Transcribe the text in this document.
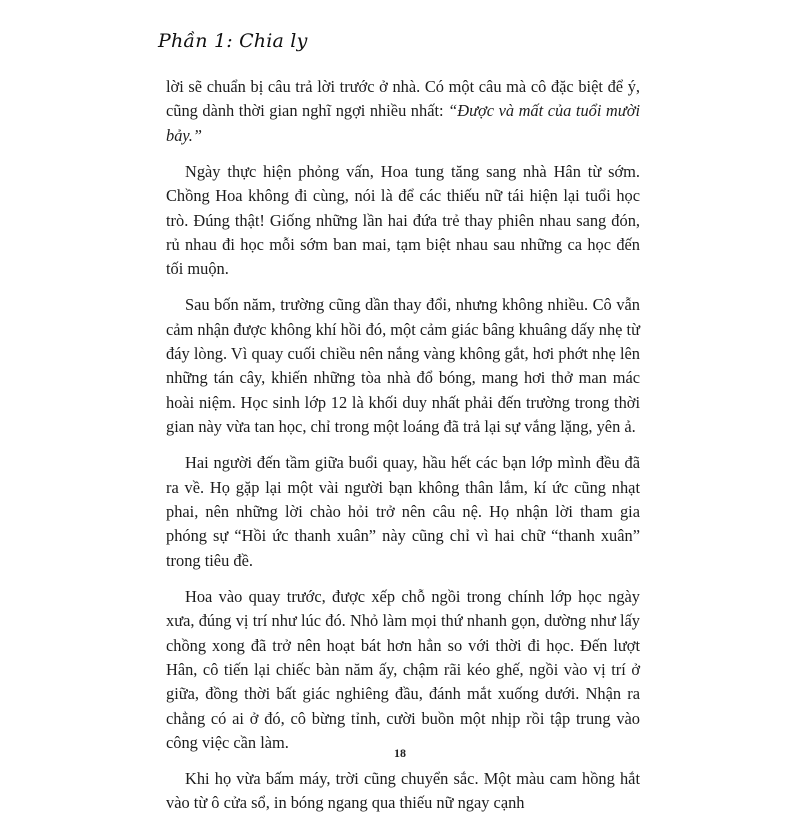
Phần 1: Chia ly

lời sẽ chuẩn bị câu trả lời trước ở nhà. Có một câu mà cô đặc biệt để ý, cũng dành thời gian nghĩ ngợi nhiều nhất: “Được và mất của tuổi mười bảy.”

Ngày thực hiện phỏng vấn, Hoa tung tăng sang nhà Hân từ sớm. Chồng Hoa không đi cùng, nói là để các thiếu nữ tái hiện lại tuổi học trò. Đúng thật! Giống những lần hai đứa trẻ thay phiên nhau sang đón, rủ nhau đi học mỗi sớm ban mai, tạm biệt nhau sau những ca học đến tối muộn.

Sau bốn năm, trường cũng dần thay đổi, nhưng không nhiều. Cô vẫn cảm nhận được không khí hồi đó, một cảm giác bâng khuâng dấy nhẹ từ đáy lòng. Vì quay cuối chiều nên nắng vàng không gắt, hơi phớt nhẹ lên những tán cây, khiến những tòa nhà đổ bóng, mang hơi thở man mác hoài niệm. Học sinh lớp 12 là khối duy nhất phải đến trường trong thời gian này vừa tan học, chỉ trong một loáng đã trả lại sự vắng lặng, yên ả.

Hai người đến tầm giữa buổi quay, hầu hết các bạn lớp mình đều đã ra về. Họ gặp lại một vài người bạn không thân lắm, kí ức cũng nhạt phai, nên những lời chào hỏi trở nên câu nệ. Họ nhận lời tham gia phóng sự “Hồi ức thanh xuân” này cũng chỉ vì hai chữ “thanh xuân” trong tiêu đề.

Hoa vào quay trước, được xếp chỗ ngồi trong chính lớp học ngày xưa, đúng vị trí như lúc đó. Nhỏ làm mọi thứ nhanh gọn, dường như lấy chồng xong đã trở nên hoạt bát hơn hẳn so với thời đi học. Đến lượt Hân, cô tiến lại chiếc bàn năm ấy, chậm rãi kéo ghế, ngồi vào vị trí ở giữa, đồng thời bất giác nghiêng đầu, đánh mắt xuống dưới. Nhận ra chẳng có ai ở đó, cô bừng tỉnh, cười buồn một nhịp rồi tập trung vào công việc cần làm.

Khi họ vừa bấm máy, trời cũng chuyển sắc. Một màu cam hồng hắt vào từ ô cửa sổ, in bóng ngang qua thiếu nữ ngay cạnh

18
